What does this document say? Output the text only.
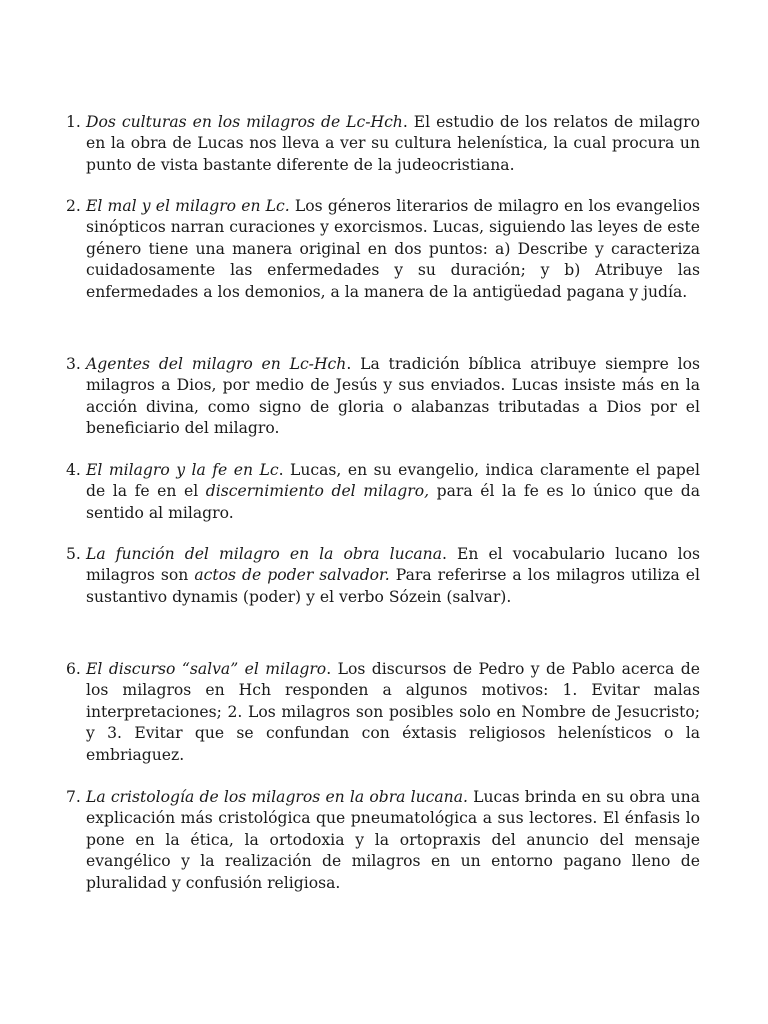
1. Dos culturas en los milagros de Lc-Hch. El estudio de los relatos de milagro en la obra de Lucas nos lleva a ver su cultura helenística, la cual procura un punto de vista bastante diferente de la judeocristiana.
2. El mal y el milagro en Lc. Los géneros literarios de milagro en los evangelios sinópticos narran curaciones y exorcismos. Lucas, siguiendo las leyes de este género tiene una manera original en dos puntos: a) Describe y caracteriza cuidadosamente las enfermedades y su duración; y b) Atribuye las enfermedades a los demonios, a la manera de la antigüedad pagana y judía.
3. Agentes del milagro en Lc-Hch. La tradición bíblica atribuye siempre los milagros a Dios, por medio de Jesús y sus enviados. Lucas insiste más en la acción divina, como signo de gloria o alabanzas tributadas a Dios por el beneficiario del milagro.
4. El milagro y la fe en Lc. Lucas, en su evangelio, indica claramente el papel de la fe en el discernimiento del milagro, para él la fe es lo único que da sentido al milagro.
5. La función del milagro en la obra lucana. En el vocabulario lucano los milagros son actos de poder salvador. Para referirse a los milagros utiliza el sustantivo dynamis (poder) y el verbo Sózein (salvar).
6. El discurso “salva” el milagro. Los discursos de Pedro y de Pablo acerca de los milagros en Hch responden a algunos motivos: 1. Evitar malas interpretaciones; 2. Los milagros son posibles solo en Nombre de Jesucristo; y 3. Evitar que se confundan con éxtasis religiosos helenísticos o la embriaguez.
7. La cristología de los milagros en la obra lucana. Lucas brinda en su obra una explicación más cristológica que pneumatológica a sus lectores. El énfasis lo pone en la ética, la ortodoxia y la ortopraxis del anuncio del mensaje evangélico y la realización de milagros en un entorno pagano lleno de pluralidad y confusión religiosa.
